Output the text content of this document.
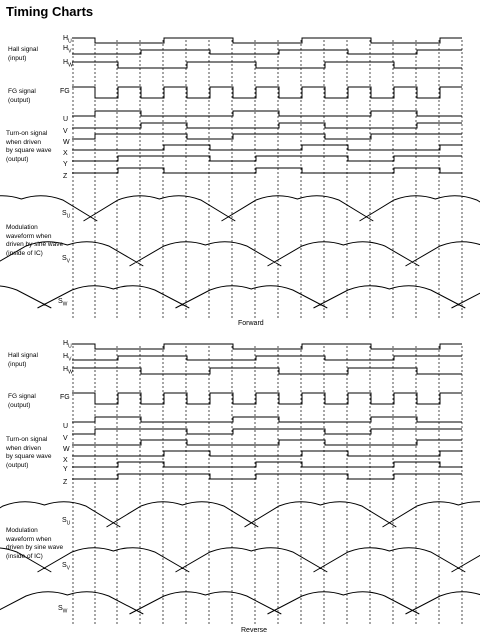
Timing Charts
Hall signal
(input)
FG signal
(output)
Turn-on signal
when driven
by square wave
(output)
Modulation
waveform when
driven by sine wave
(inside of IC)
$H_U$
$H_V$
$H_W$
FG
U
V
W
X
Y
Z
$S_U$
$S_V$
$S_W$
Forward
Hall signal
(input)
FG signal
(output)
Turn-on signal
when driven
by square wave
(output)
Modulation
waveform when
driven by sine wave
(inside of IC)
$H_U$
$H_V$
$H_W$
FG
U
V
W
X
Y
Z
$S_U$
$S_V$
$S_W$
Reverse
